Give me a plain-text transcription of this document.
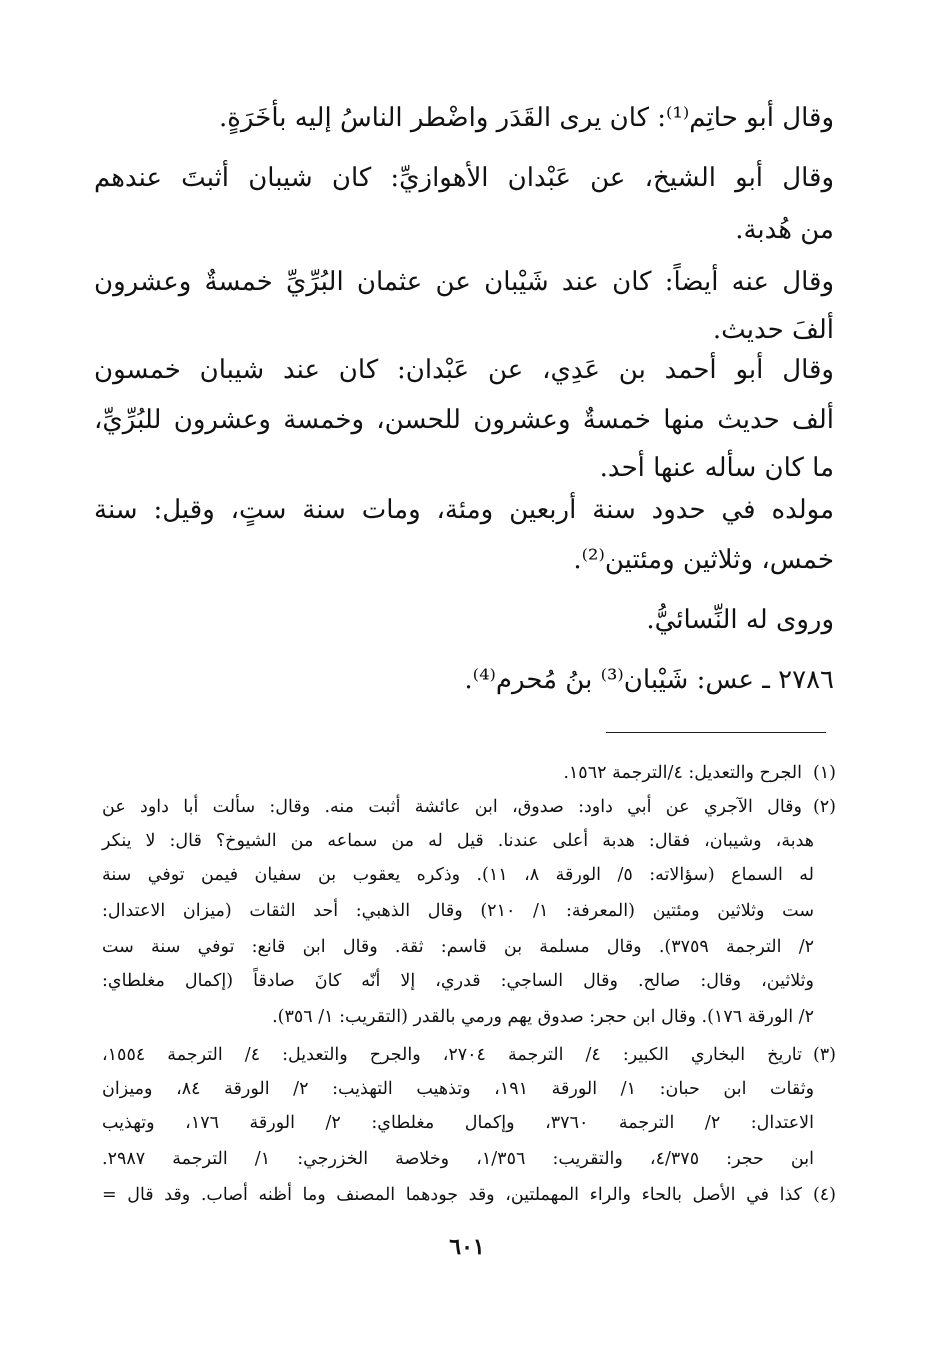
وقال أبو حاتِم⁽¹⁾: كان يرى القَدَر واضْطر الناسُ إليه بأخَرَةٍ.
وقال أبو الشيخ، عن عَبْدان الأهوازيِّ: كان شيبان أثبتَ عندهم
من هُدبة.
وقال عنه أيضاً: كان عند شَيْبان عن عثمان البُرِّيِّ خمسةٌ وعشرون
ألفَ حديث.
وقال أبو أحمد بن عَدِي، عن عَبْدان: كان عند شيبان خمسون
ألف حديث منها خمسةٌ وعشرون للحسن، وخمسة وعشرون للبُرِّيِّ،
ما كان سأله عنها أحد.
مولده في حدود سنة أربعين ومئة، ومات سنة ستٍ، وقيل: سنة
خمس، وثلاثين ومئتين⁽²⁾.
وروى له النِّسائيُّ.
٢٧٨٦ ـ عس: شَيْبان⁽³⁾ بنُ مُحرم⁽⁴⁾.
(١)
الجرح والتعديل: ٤/الترجمة ١٥٦٢.
(٢)
وقال الآجري عن أبي داود: صدوق، ابن عائشة أثبت منه. وقال: سألت أبا داود عن
هدبة، وشيبان، فقال: هدبة أعلى عندنا. قيل له من سماعه من الشيوخ؟ قال: لا ينكر
له السماع (سؤالاته: ٥/ الورقة ٨، ١١). وذكره يعقوب بن سفيان فيمن توفي سنة
ست وثلاثين ومئتين (المعرفة: ١/ ٢١٠) وقال الذهبي: أحد الثقات (ميزان الاعتدال:
٢/ الترجمة ٣٧٥٩). وقال مسلمة بن قاسم: ثقة. وقال ابن قانع: توفي سنة ست
وثلاثين، وقال: صالح. وقال الساجي: قدري، إلا أنّه كانَ صادقاً (إكمال مغلطاي:
٢/ الورقة ١٧٦). وقال ابن حجر: صدوق يهم ورمي بالقدر (التقريب: ١/ ٣٥٦).
(٣)
تاريخ البخاري الكبير: ٤/ الترجمة ٢٧٠٤، والجرح والتعديل: ٤/ الترجمة ١٥٥٤،
وثقات ابن حبان: ١/ الورقة ١٩١، وتذهيب التهذيب: ٢/ الورقة ٨٤، وميزان
الاعتدال: ٢/ الترجمة ٣٧٦٠، وإكمال مغلطاي: ٢/ الورقة ١٧٦، وتهذيب
ابن حجر: ٤/٣٧٥، والتقريب: ١/٣٥٦، وخلاصة الخزرجي: ١/ الترجمة ٢٩٨٧.
(٤)
كذا في الأصل بالحاء والراء المهملتين، وقد جودهما المصنف وما أظنه أصاب. وقد قال =
٦٠١
